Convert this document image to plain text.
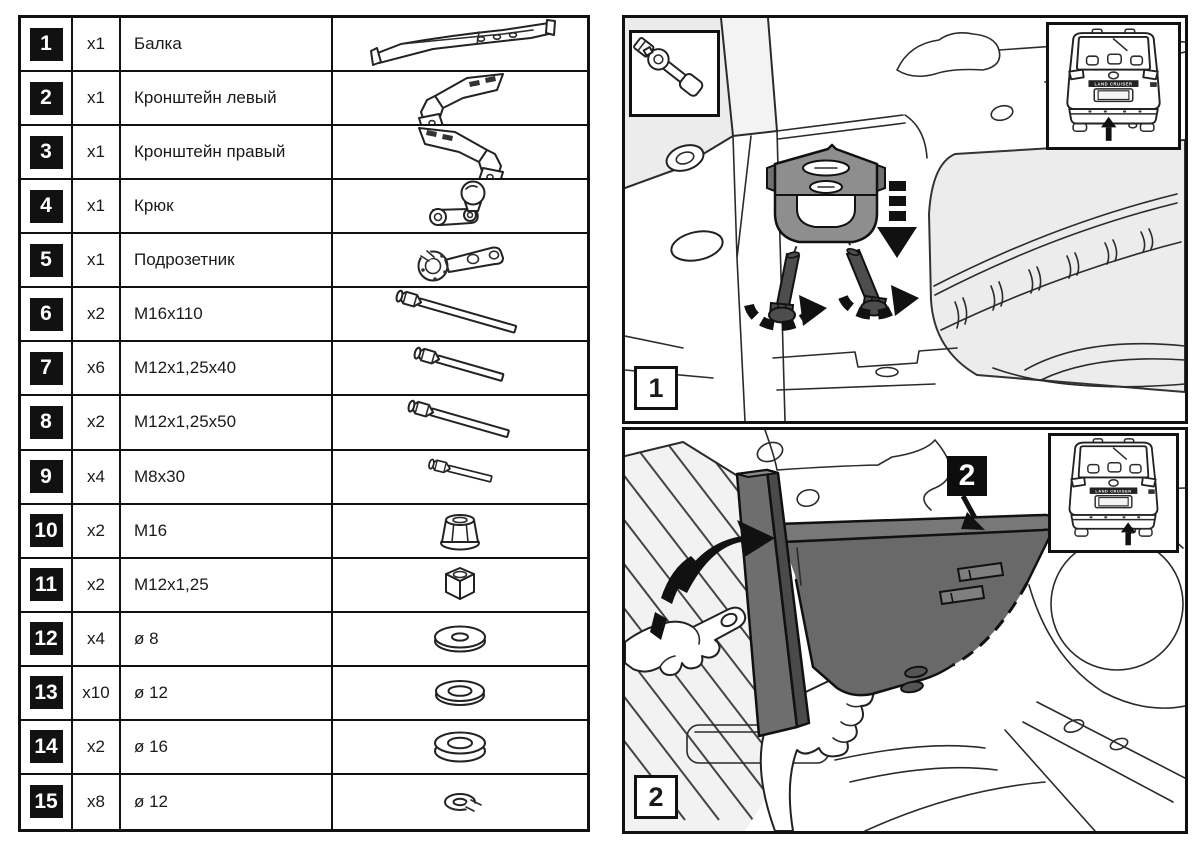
1	x1	Балка
2	x1	Кронштейн левый
3	x1	Кронштейн правый
4	x1	Крюк
5	x1	Подрозетник
6	x2	M16x110
7	x6	M12x1,25x40
8	x2	M12x1,25x50
9	x4	M8x30
10	x2	M16
11	x2	M12x1,25
12	x4	ø 8
13	x10	ø 12
14	x2	ø 16
15	x8	ø 12
LAND CRUISER
1
2	LAND CRUISER
2
